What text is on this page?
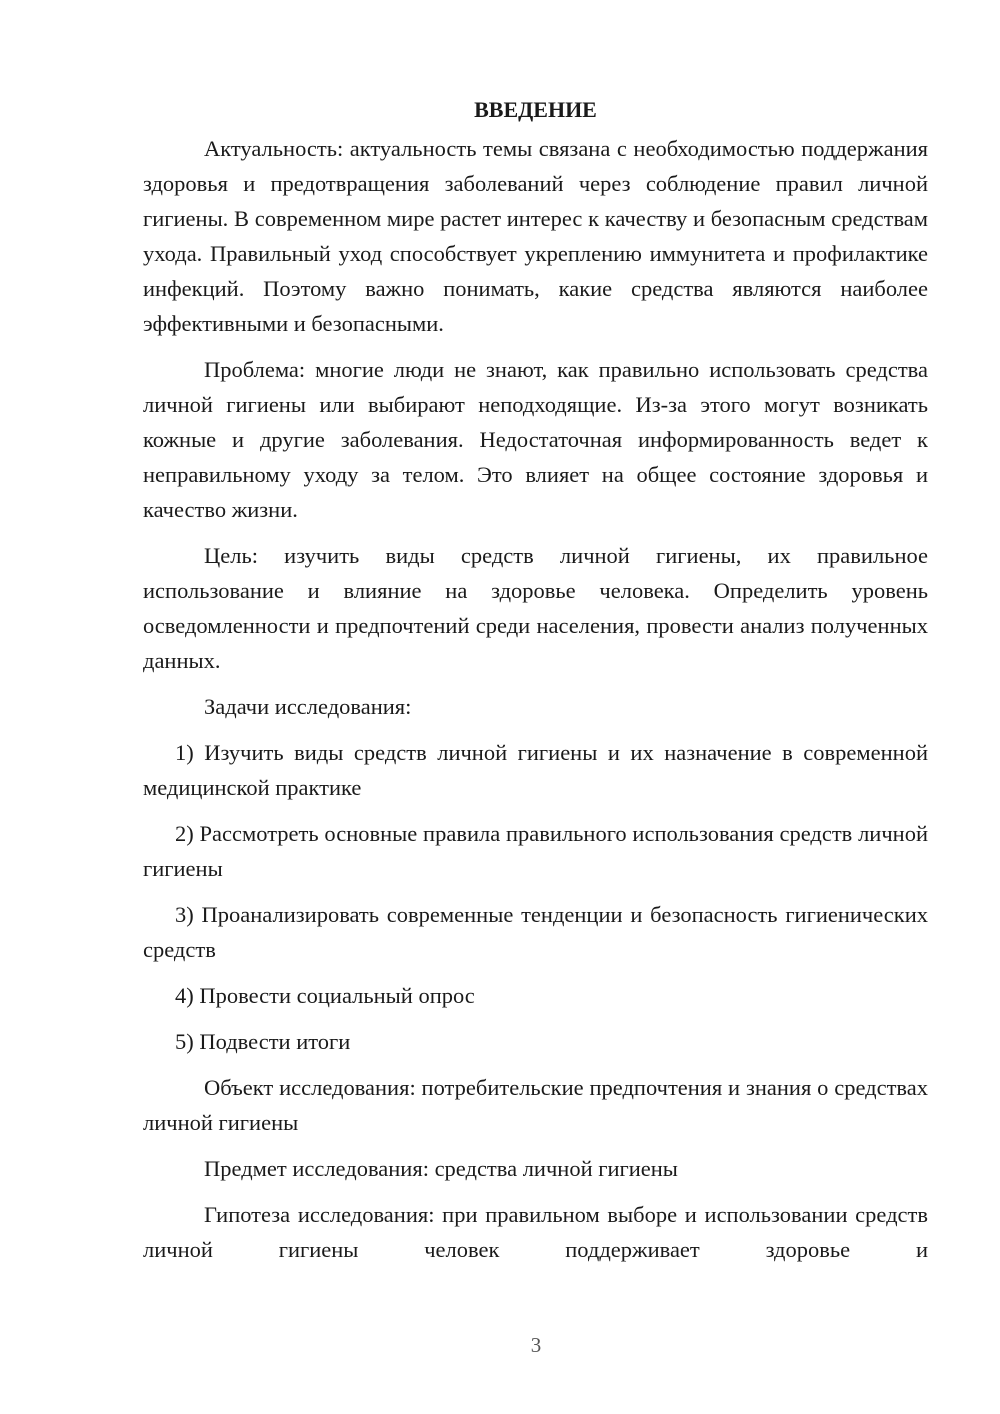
ВВЕДЕНИЕ

Актуальность: актуальность темы связана с необходимостью поддержания здоровья и предотвращения заболеваний через соблюдение правил личной гигиены. В современном мире растет интерес к качеству и безопасным средствам ухода. Правильный уход способствует укреплению иммунитета и профилактике инфекций. Поэтому важно понимать, какие средства являются наиболее эффективными и безопасными.

Проблема: многие люди не знают, как правильно использовать средства личной гигиены или выбирают неподходящие. Из-за этого могут возникать кожные и другие заболевания. Недостаточная информированность ведет к неправильному уходу за телом. Это влияет на общее состояние здоровья и качество жизни.

Цель: изучить виды средств личной гигиены, их правильное использование и влияние на здоровье человека. Определить уровень осведомленности и предпочтений среди населения, провести анализ полученных данных.

Задачи исследования:

1) Изучить виды средств личной гигиены и их назначение в современной медицинской практике

2) Рассмотреть основные правила правильного использования средств личной гигиены

3) Проанализировать современные тенденции и безопасность гигиенических средств

4) Провести социальный опрос

5) Подвести итоги

Объект исследования: потребительские предпочтения и знания о средствах личной гигиены

Предмет исследования: средства личной гигиены

Гипотеза исследования: при правильном выборе и использовании средств личной гигиены человек поддерживает здоровье и

3
